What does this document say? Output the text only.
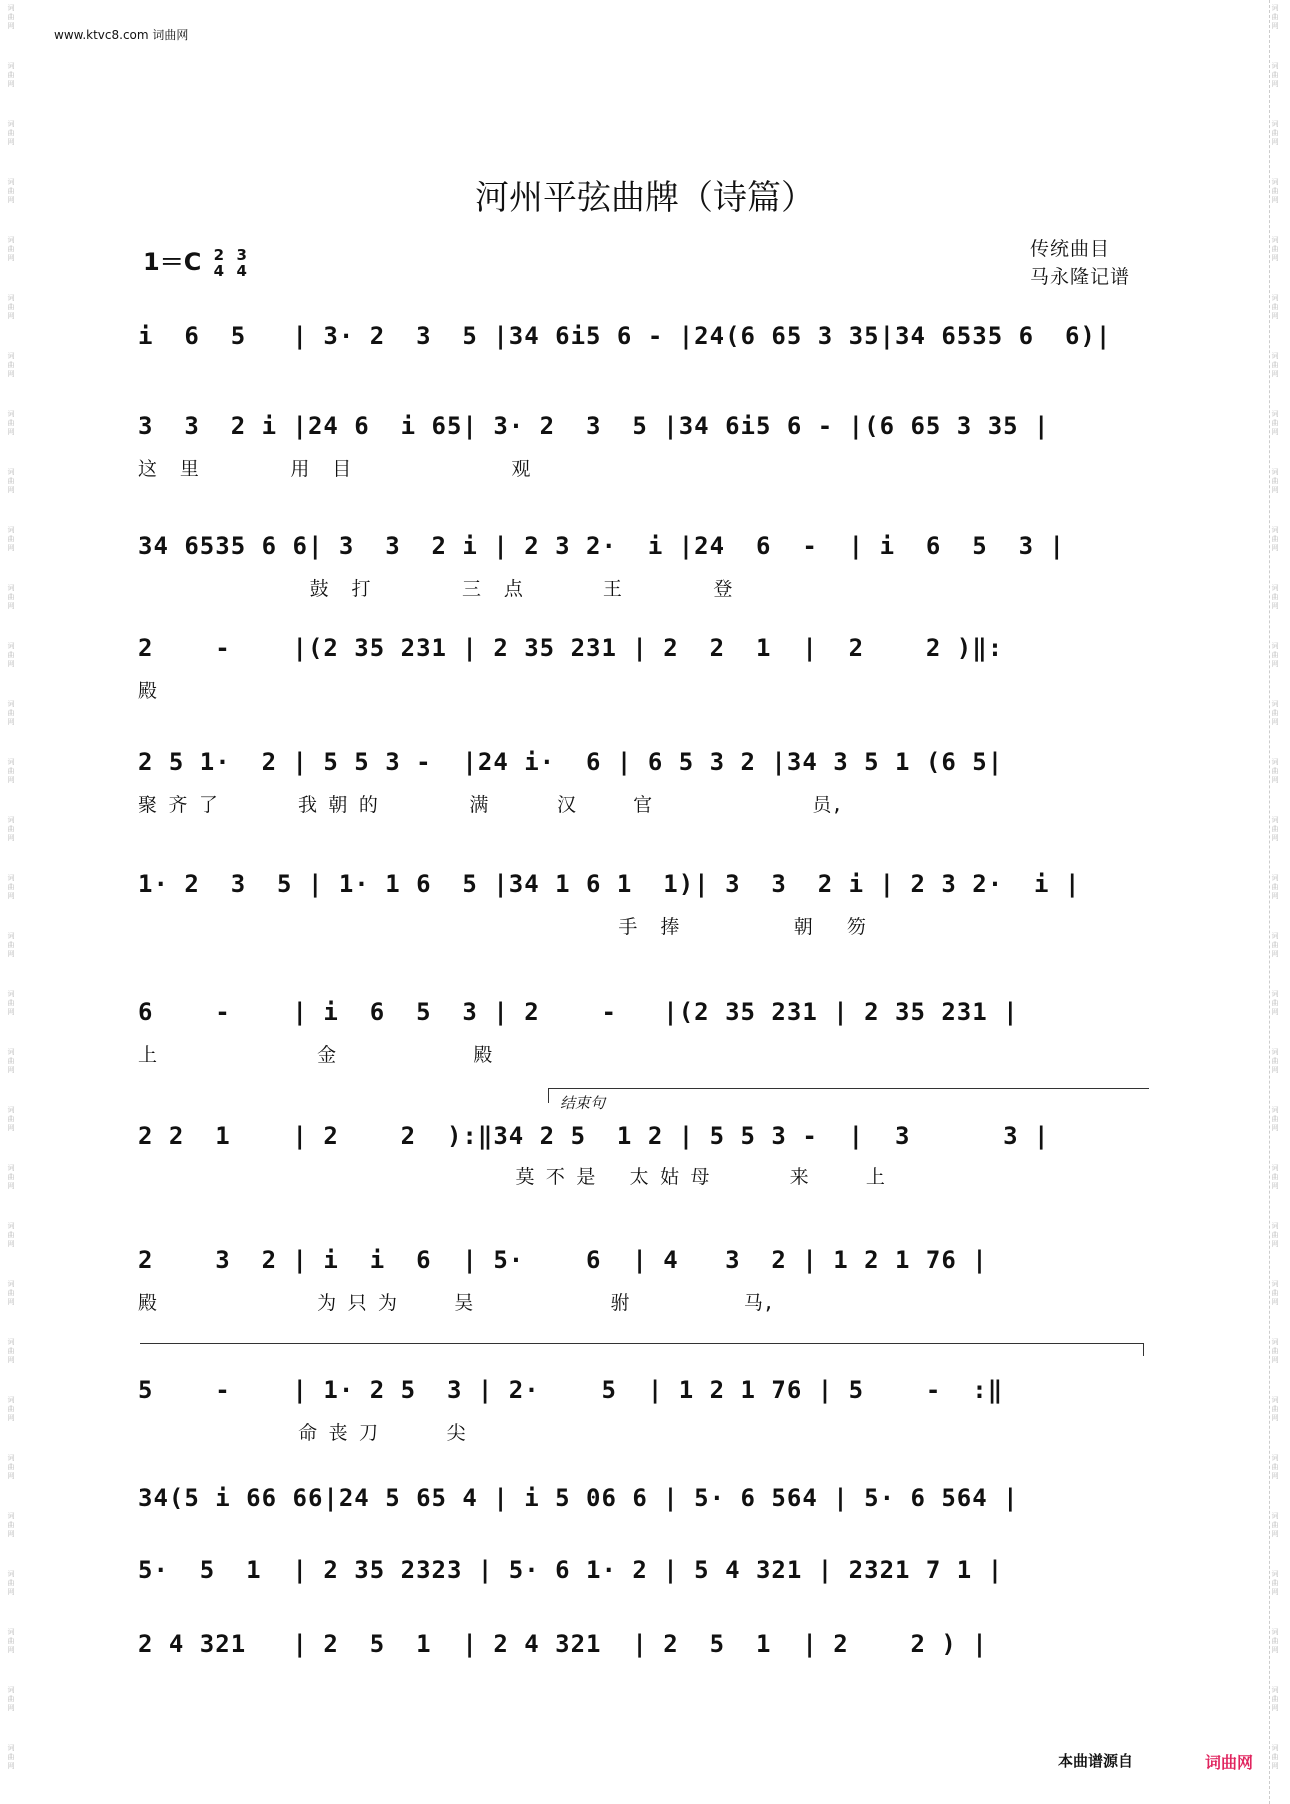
词曲网
词曲网
词曲网
词曲网
词曲网
词曲网
词曲网
词曲网
词曲网
词曲网
词曲网
词曲网
词曲网
词曲网
词曲网
词曲网
词曲网
词曲网
词曲网
词曲网
词曲网
词曲网
词曲网
词曲网
词曲网
词曲网
词曲网
词曲网
词曲网
词曲网
词曲网
词曲网
词曲网
词曲网
词曲网
词曲网
词曲网
词曲网
词曲网
词曲网
词曲网
词曲网
词曲网
词曲网
词曲网
词曲网
词曲网
词曲网
词曲网
词曲网
词曲网
词曲网
词曲网
词曲网
词曲网
词曲网
词曲网
词曲网
词曲网
词曲网
词曲网
词曲网
www.ktvc8.com 词曲网
河州平弦曲牌（诗篇）
1＝C 2
4

3
4
传统曲目
马永隆记谱
i  6  5   | 3· 2  3  5 |34 6i5 6 - |24(6 65 3 35|34 6535 6  6)|
3  3  2 i |24 6  i 65| 3· 2  3  5 |34 6i5 6 - |(6 65 3 35 |
这  里        用  目              观
34 6535 6 6| 3  3  2 i | 2 3 2·  i |24  6  -  | i  6  5  3 |
鼓  打        三  点       王        登
2    -    |(2 35 231 | 2 35 231 | 2  2  1  |  2    2 )‖:
殿
2 5 1·  2 | 5 5 3 -  |24 i·  6 | 6 5 3 2 |34 3 5 1 (6 5|
聚 齐 了       我 朝 的        满      汉     官              员,
1· 2  3  5 | 1· 1 6  5 |34 1 6 1  1)| 3  3  2 i | 2 3 2·  i |
手  捧          朝   笏
6    -    | i  6  5  3 | 2    -   |(2 35 231 | 2 35 231 |
上              金            殿
2 2  1    | 2    2  ):‖34 2 5  1 2 | 5 5 3 -  |  3      3 |
莫 不 是   太 姑 母       来     上
2    3  2 | i  i  6  | 5·    6  | 4   3  2 | 1 2 1 76 |
殿              为 只 为     吴            驸          马,
5    -    | 1· 2 5  3 | 2·    5  | 1 2 1 76 | 5    -  :‖
命 丧 刀      尖
34(5 i 66 66|24 5 65 4 | i 5 06 6 | 5· 6 564 | 5· 6 564 |
5·  5  1  | 2 35 2323 | 5· 6 1· 2 | 5 4 321 | 2321 7 1 |
2 4 321   | 2  5  1  | 2 4 321  | 2  5  1  | 2    2 ) |
结束句
本曲谱源自	词曲网
